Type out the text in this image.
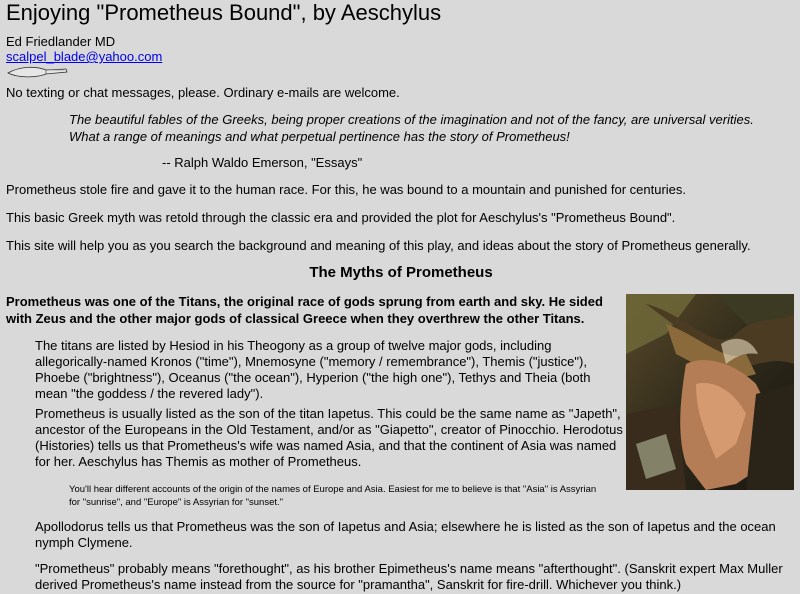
Enjoying "Prometheus Bound", by Aeschylus
Ed Friedlander MD
scalpel_blade@yahoo.com
No texting or chat messages, please. Ordinary e-mails are welcome.
The beautiful fables of the Greeks, being proper creations of the imagination and not of the fancy, are universal verities.
What a range of meanings and what perpetual pertinence has the story of Prometheus!
-- Ralph Waldo Emerson, "Essays"
Prometheus stole fire and gave it to the human race. For this, he was bound to a mountain and punished for centuries.
This basic Greek myth was retold through the classic era and provided the plot for Aeschylus's "Prometheus Bound".
This site will help you as you search the background and meaning of this play, and ideas about the story of Prometheus generally.
The Myths of Prometheus
Prometheus was one of the Titans, the original race of gods sprung from earth and sky. He sided with Zeus and the other major gods of classical Greece when they overthrew the other Titans.
The titans are listed by Hesiod in his Theogony as a group of twelve major gods, including allegorically-named Kronos ("time"), Mnemosyne ("memory / remembrance"), Themis ("justice"), Phoebe ("brightness"), Oceanus ("the ocean"), Hyperion ("the high one"), Tethys and Theia (both mean "the goddess / the revered lady").
Prometheus is usually listed as the son of the titan Iapetus. This could be the same name as "Japeth", ancestor of the Europeans in the Old Testament, and/or as "Giapetto", creator of Pinocchio. Herodotus (Histories) tells us that Prometheus's wife was named Asia, and that the continent of Asia was named for her. Aeschylus has Themis as mother of Prometheus.
You'll hear different accounts of the origin of the names of Europe and Asia. Easiest for me to believe is that "Asia" is Assyrian for "sunrise", and "Europe" is Assyrian for "sunset."
Apollodorus tells us that Prometheus was the son of Iapetus and Asia; elsewhere he is listed as the son of Iapetus and the ocean nymph Clymene.
"Prometheus" probably means "forethought", as his brother Epimetheus's name means "afterthought". (Sanskrit expert Max Muller derived Prometheus's name instead from the source for "pramantha", Sanskrit for fire-drill. Whichever you think.)
